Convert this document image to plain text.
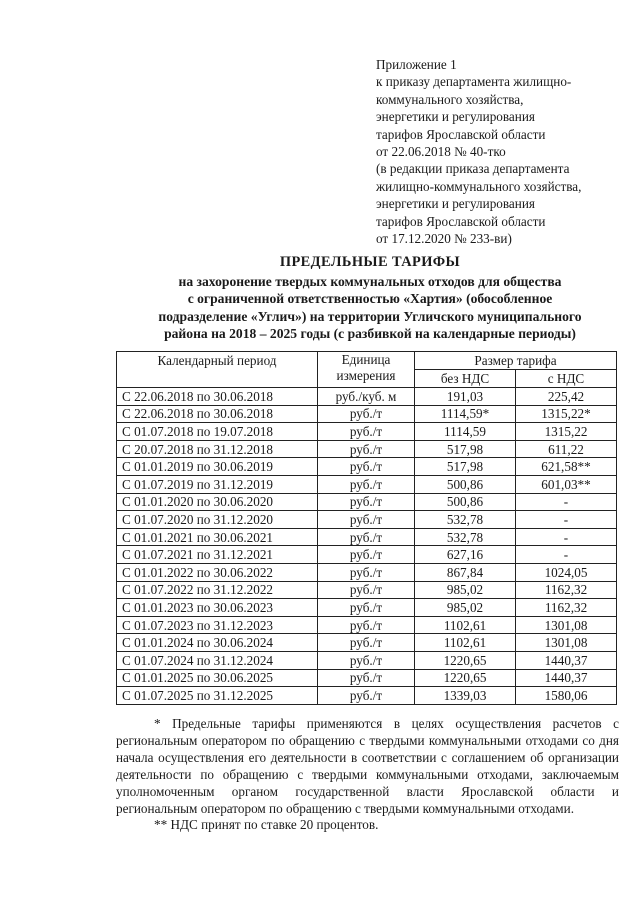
Приложение 1
к приказу департамента жилищно-
коммунального хозяйства,
энергетики и регулирования
тарифов Ярославской области
от 22.06.2018 № 40-тко
(в редакции приказа департамента
жилищно-коммунального хозяйства,
энергетики и регулирования
тарифов Ярославской области
от 17.12.2020 № 233-ви)
ПРЕДЕЛЬНЫЕ ТАРИФЫ
на захоронение твердых коммунальных отходов для общества
с ограниченной ответственностью «Хартия» (обособленное
подразделение «Углич») на территории Угличского муниципального
района на 2018 – 2025 годы (с разбивкой на календарные периоды)
Календарный период	Единица
измерения	Размер тарифа	
		без НДС	с НДС
С 22.06.2018 по 30.06.2018	руб./куб. м	191,03	225,42
С 22.06.2018 по 30.06.2018	руб./т	1114,59*	1315,22*
С 01.07.2018 по 19.07.2018	руб./т	1114,59	1315,22
С 20.07.2018 по 31.12.2018	руб./т	517,98	611,22
С 01.01.2019 по 30.06.2019	руб./т	517,98	621,58**
С 01.07.2019 по 31.12.2019	руб./т	500,86	601,03**
С 01.01.2020 по 30.06.2020	руб./т	500,86	-
С 01.07.2020 по 31.12.2020	руб./т	532,78	-
С 01.01.2021 по 30.06.2021	руб./т	532,78	-
С 01.07.2021 по 31.12.2021	руб./т	627,16	-
С 01.01.2022 по 30.06.2022	руб./т	867,84	1024,05
С 01.07.2022 по 31.12.2022	руб./т	985,02	1162,32
С 01.01.2023 по 30.06.2023	руб./т	985,02	1162,32
С 01.07.2023 по 31.12.2023	руб./т	1102,61	1301,08
С 01.01.2024 по 30.06.2024	руб./т	1102,61	1301,08
С 01.07.2024 по 31.12.2024	руб./т	1220,65	1440,37
С 01.01.2025 по 30.06.2025	руб./т	1220,65	1440,37
С 01.07.2025 по 31.12.2025	руб./т	1339,03	1580,06

* Предельные тарифы применяются в целях осуществления расчетов с региональным оператором по обращению с твердыми коммунальными отходами со дня начала осуществления его деятельности в соответствии с соглашением об организации деятельности по обращению с твердыми коммунальными отходами, заключаемым уполномоченным органом государственной власти Ярославской области и региональным оператором по обращению с твердыми коммунальными отходами.

** НДС принят по ставке 20 процентов.
